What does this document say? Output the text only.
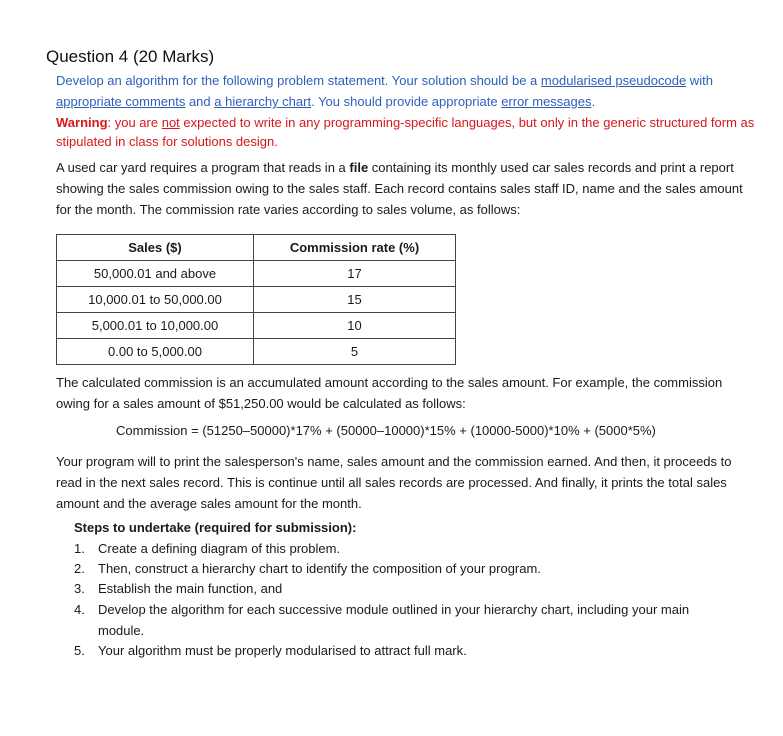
Question 4 (20 Marks)
Develop an algorithm for the following problem statement. Your solution should be a modularised pseudocode with appropriate comments and a hierarchy chart. You should provide appropriate error messages.
Warning: you are not expected to write in any programming-specific languages, but only in the generic structured form as stipulated in class for solutions design.
A used car yard requires a program that reads in a file containing its monthly used car sales records and print a report showing the sales commission owing to the sales staff. Each record contains sales staff ID, name and the sales amount for the month. The commission rate varies according to sales volume, as follows:
Sales ($)	Commission rate (%)
50,000.01 and above	17
10,000.01 to 50,000.00	15
5,000.01 to 10,000.00	10
0.00 to 5,000.00	5
The calculated commission is an accumulated amount according to the sales amount. For example, the commission owing for a sales amount of $51,250.00 would be calculated as follows:
Commission = (51250–50000)*17% + (50000–10000)*15% + (10000-5000)*10% + (5000*5%)
Your program will to print the salesperson's name, sales amount and the commission earned. And then, it proceeds to read in the next sales record. This is continue until all sales records are processed. And finally, it prints the total sales amount and the average sales amount for the month.
Steps to undertake (required for submission):
1. Create a defining diagram of this problem.
2. Then, construct a hierarchy chart to identify the composition of your program.
3. Establish the main function, and
4. Develop the algorithm for each successive module outlined in your hierarchy chart, including your main module.
5. Your algorithm must be properly modularised to attract full mark.
